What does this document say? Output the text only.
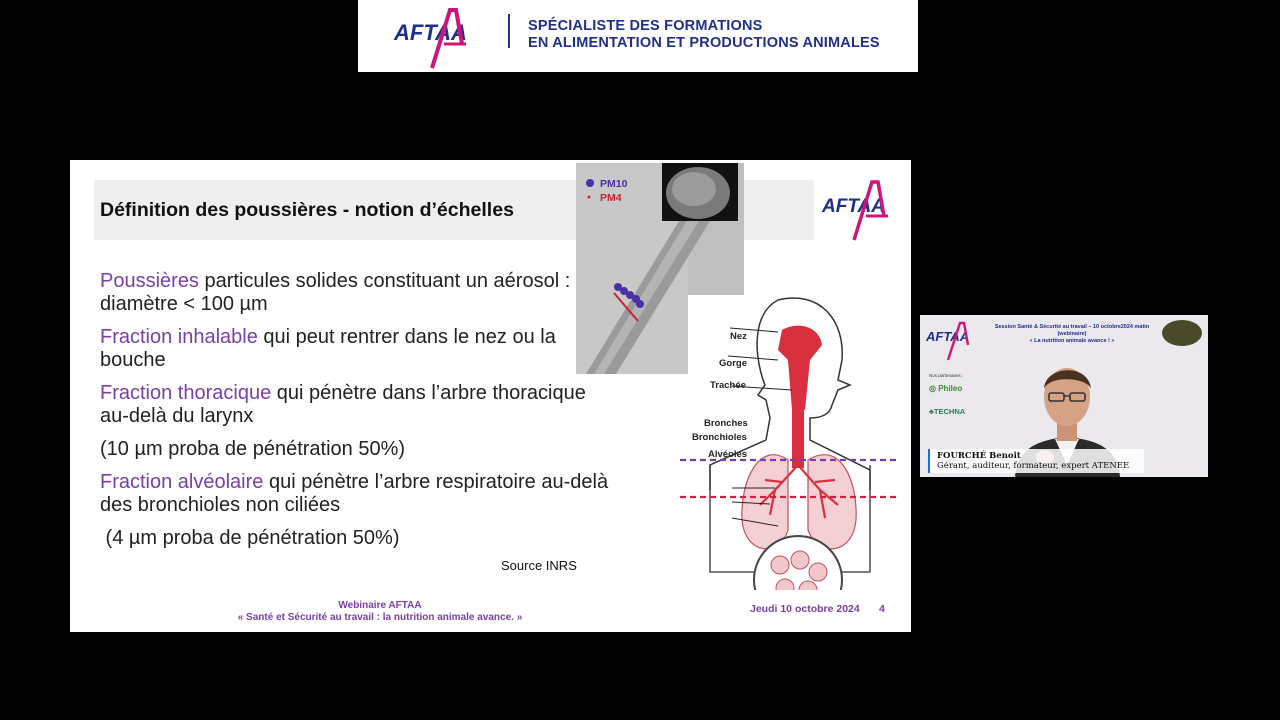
AFTAA	SPÉCIALISTE DES FORMATIONS
EN ALIMENTATION ET PRODUCTIONS ANIMALES
Définition des poussières - notion d’échelles	AFTAA
PM10
PM4

Poussières particules solides constituant un aérosol : diamètre < 100 µm

Fraction inhalable qui peut rentrer dans le nez ou la bouche

Fraction thoracique qui pénètre dans l’arbre thoracique au-delà du larynx

(10 µm proba de pénétration 50%)

Fraction alvéolaire qui pénètre l’arbre respiratoire au-delà des bronchioles non ciliées

(4 µm proba de pénétration 50%)

Nez
Gorge
Trachée
Bronches
Bronchioles
Alvéoles
Source INRS
Webinaire AFTAA
« Santé et Sécurité au travail : la nutrition animale avance. »
Jeudi 10 octobre 2024 4
AFTAA
Session Santé & Sécurité au travail – 10 octobre2024 matin (webinaire)
« La nutrition animale avance ! »
Nos partenaires :
◎ Phileo
♣TECHNA
FOURCHÉ Benoit
Gérant, auditeur, formateur, expert ATENEE
